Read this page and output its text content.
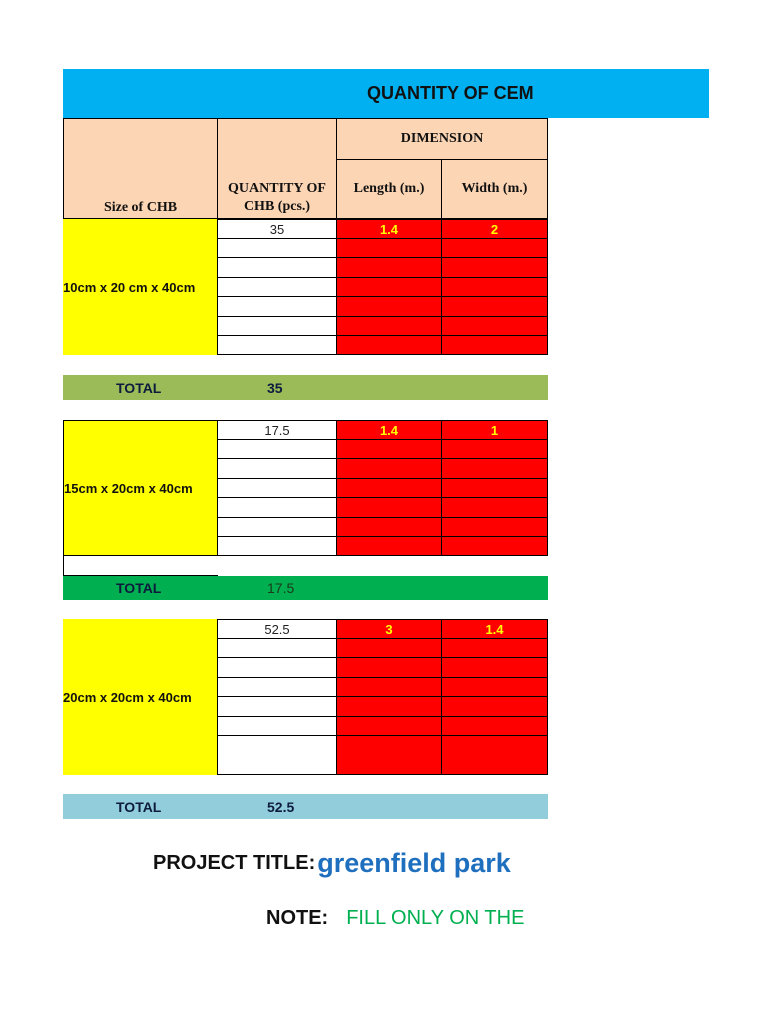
QUANTITY OF CEM
Size of CHB
QUANTITY OF CHB (pcs.)
DIMENSION
Length (m.)	Width (m.)
10cm x 20 cm x 40cm
35	1.4	2
TOTAL	35
15cm x 20cm x 40cm
17.5	1.4	1
TOTAL	17.5
20cm x 20cm x 40cm
52.5	3	1.4
TOTAL	52.5
PROJECT TITLE: greenfield park
NOTE: FILL ONLY ON THE
